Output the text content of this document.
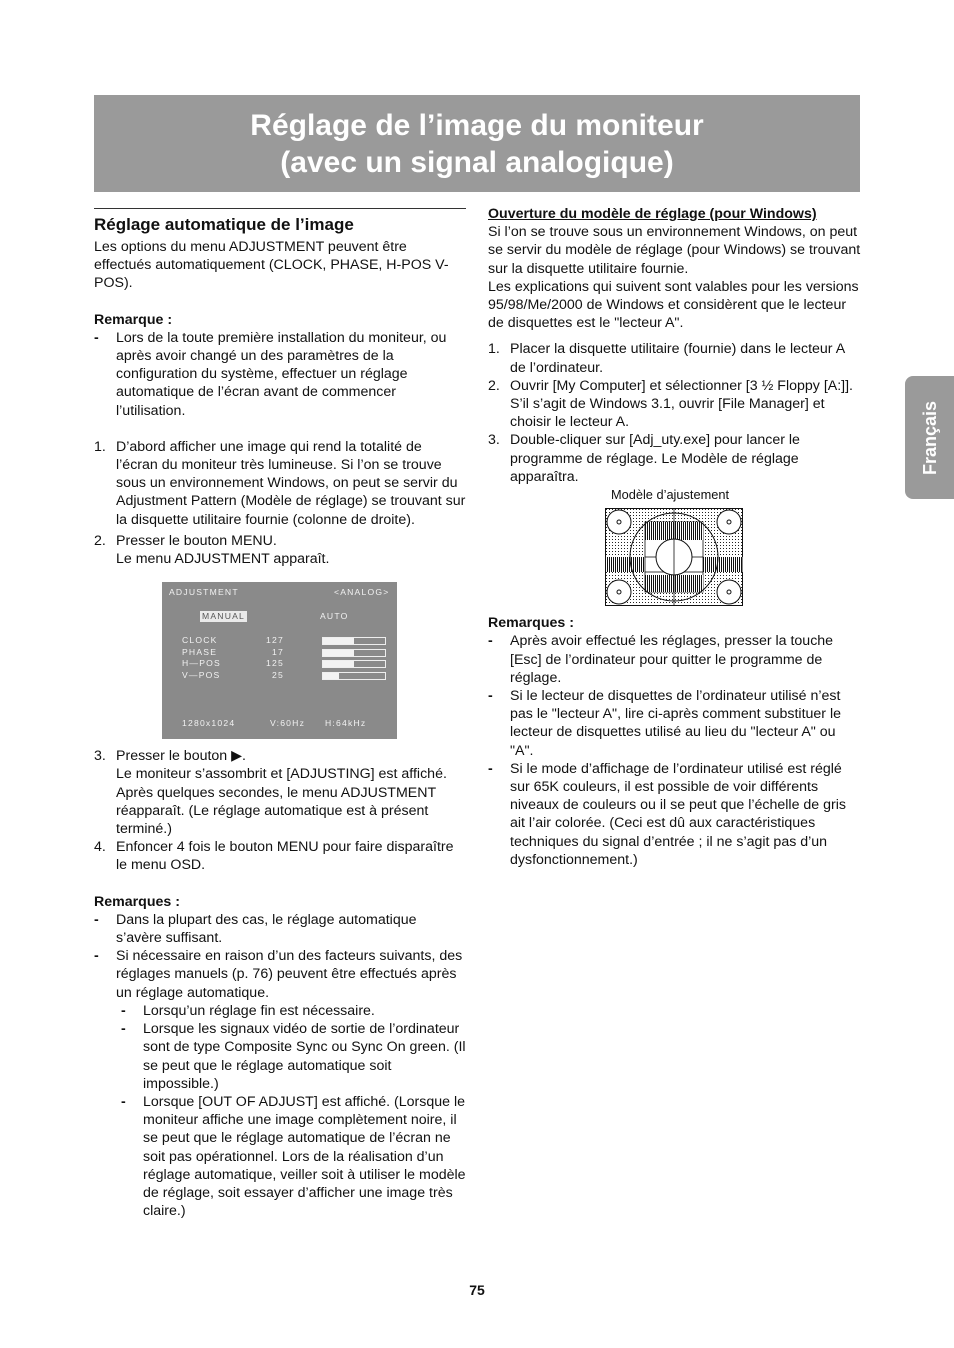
Réglage de l’image du moniteur
(avec un signal analogique)
Français
Réglage automatique de l’image

Les options du menu ADJUSTMENT peuvent être effectués automatiquement (CLOCK, PHASE, H-POS V-POS).

Remarque :

- Lors de la toute première installation du moniteur, ou après avoir changé un des paramètres de la configuration du système, effectuer un réglage automatique de l’écran avant de commencer l’utilisation.
1. D’abord afficher une image qui rend la totalité de l’écran du moniteur très lumineuse. Si l’on se trouve sous un environnement Windows, on peut se servir du Adjustment Pattern (Modèle de réglage) se trouvant sur la disquette utilitaire fournie (colonne de droite).
2. Presser le bouton MENU.
Le menu ADJUSTMENT apparaît.
ADJUSTMENT	<ANALOG>
MANUAL	AUTO
CLOCK	127
PHASE	17
H—POS	125
V—POS	25
1280x1024	V:60Hz H:64kHz
3. Presser le bouton ▶.
Le moniteur s’assombrit et [ADJUSTING] est affiché. Après quelques secondes, le menu ADJUSTMENT réapparaît. (Le réglage automatique est à présent terminé.)
4. Enfoncer 4 fois le bouton MENU pour faire disparaître le menu OSD.

Remarques :

- Dans la plupart des cas, le réglage automatique s’avère suffisant.
- Si nécessaire en raison d’un des facteurs suivants, des réglages manuels (p. 76) peuvent être effectués après un réglage automatique.
- Lorsqu’un réglage fin est nécessaire.
- Lorsque les signaux vidéo de sortie de l’ordinateur sont de type Composite Sync ou Sync On green. (Il se peut que le réglage automatique soit impossible.)
- Lorsque [OUT OF ADJUST] est affiché. (Lorsque le moniteur affiche une image complètement noire, il se peut que le réglage automatique de l’écran ne soit pas opérationnel. Lors de la réalisation d’un réglage automatique, veiller soit à utiliser le modèle de réglage, soit essayer d’afficher une image très claire.)

Ouverture du modèle de réglage (pour Windows)

Si l’on se trouve sous un environnement Windows, on peut se servir du modèle de réglage (pour Windows) se trouvant sur la disquette utilitaire fournie.

Les explications qui suivent sont valables pour les versions 95/98/Me/2000 de Windows et considèrent que le lecteur de disquettes est le "lecteur A".

1. Placer la disquette utilitaire (fournie) dans le lecteur A de l’ordinateur.
2. Ouvrir [My Computer] et sélectionner [3 ½ Floppy [A:]]. S’il s’agit de Windows 3.1, ouvrir [File Manager] et choisir le lecteur A.
3. Double-cliquer sur [Adj_uty.exe] pour lancer le programme de réglage. Le Modèle de réglage apparaîtra.
Modèle d’ajustement

Remarques :

- Après avoir effectué les réglages, presser la touche [Esc] de l’ordinateur pour quitter le programme de réglage.
- Si le lecteur de disquettes de l’ordinateur utilisé n’est pas le "lecteur A", lire ci-après comment substituer le lecteur de disquettes utilisé au lieu du "lecteur A" ou "A".
- Si le mode d’affichage de l’ordinateur utilisé est réglé sur 65K couleurs, il est possible de voir différents niveaux de couleurs ou il se peut que l’échelle de gris ait l’air colorée. (Ceci est dû aux caractéristiques techniques du signal d’entrée ; il ne s’agit pas d’un dysfonctionnement.)
75
